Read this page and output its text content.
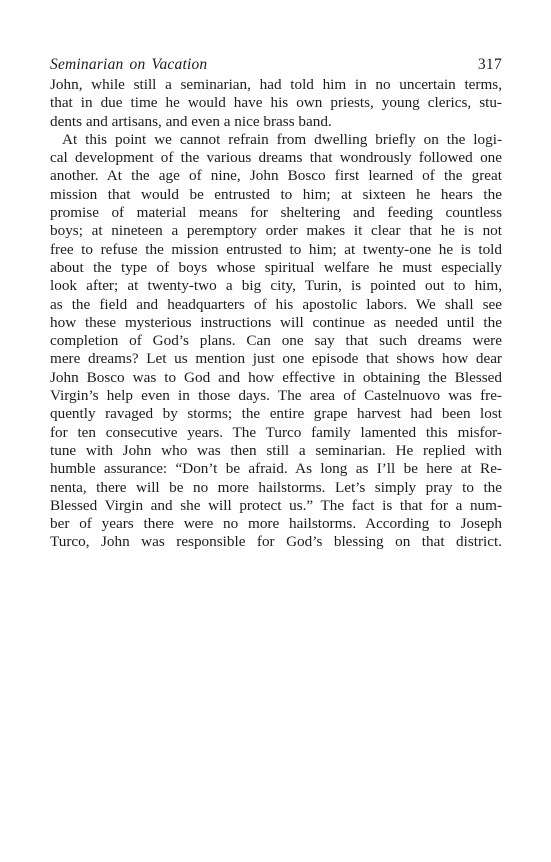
Seminarian on Vacation	317
John, while still a seminarian, had told him in no uncertain terms,
that in due time he would have his own priests, young clerics, stu-
dents and artisans, and even a nice brass band.
At this point we cannot refrain from dwelling briefly on the logi-
cal development of the various dreams that wondrously followed one
another. At the age of nine, John Bosco first learned of the great
mission that would be entrusted to him; at sixteen he hears the
promise of material means for sheltering and feeding countless
boys; at nineteen a peremptory order makes it clear that he is not
free to refuse the mission entrusted to him; at twenty-one he is told
about the type of boys whose spiritual welfare he must especially
look after; at twenty-two a big city, Turin, is pointed out to him,
as the field and headquarters of his apostolic labors. We shall see
how these mysterious instructions will continue as needed until the
completion of God’s plans. Can one say that such dreams were
mere dreams? Let us mention just one episode that shows how dear
John Bosco was to God and how effective in obtaining the Blessed
Virgin’s help even in those days. The area of Castelnuovo was fre-
quently ravaged by storms; the entire grape harvest had been lost
for ten consecutive years. The Turco family lamented this misfor-
tune with John who was then still a seminarian. He replied with
humble assurance: “Don’t be afraid. As long as I’ll be here at Re-
nenta, there will be no more hailstorms. Let’s simply pray to the
Blessed Virgin and she will protect us.” The fact is that for a num-
ber of years there were no more hailstorms. According to Joseph
Turco, John was responsible for God’s blessing on that district.
